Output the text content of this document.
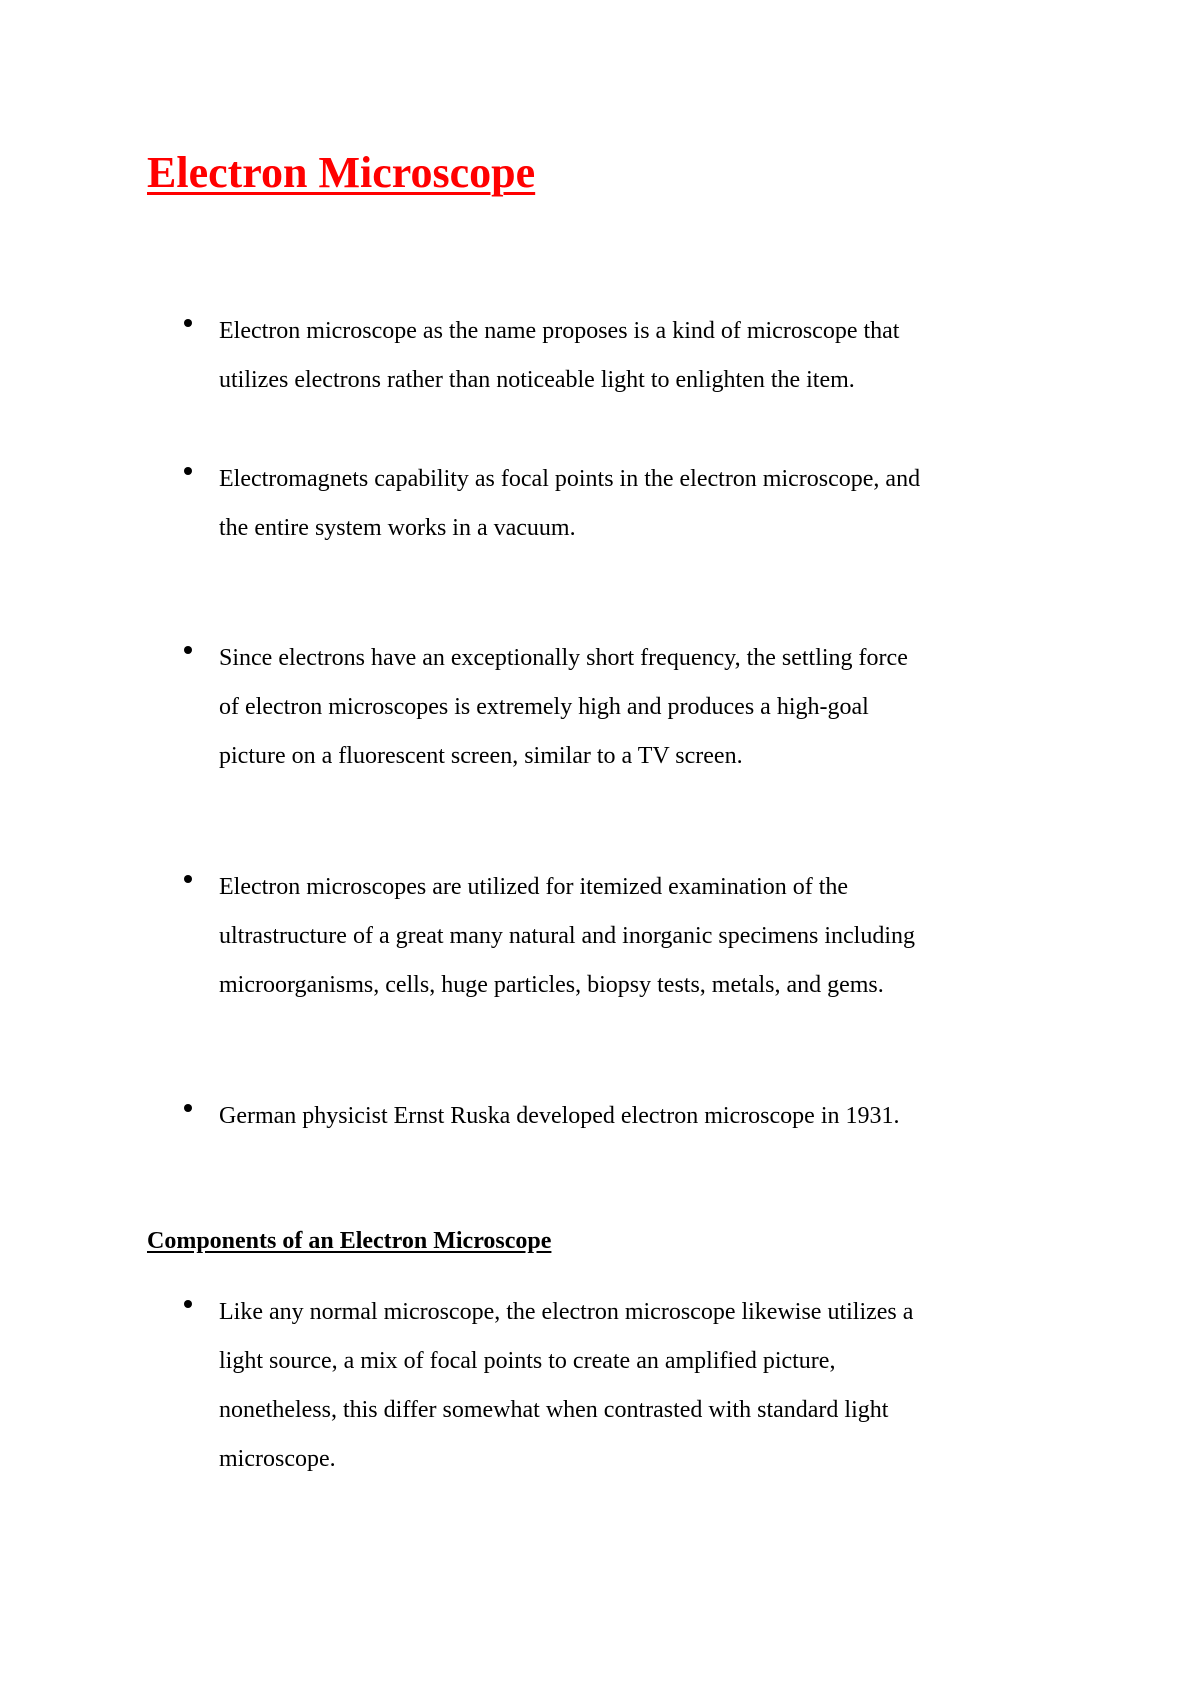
Electron Microscope

Electron microscope as the name proposes is a kind of microscope that
utilizes electrons rather than noticeable light to enlighten the item.

Electromagnets capability as focal points in the electron microscope, and
the entire system works in a vacuum.

Since electrons have an exceptionally short frequency, the settling force
of electron microscopes is extremely high and produces a high-goal
picture on a fluorescent screen, similar to a TV screen.

Electron microscopes are utilized for itemized examination of the
ultrastructure of a great many natural and inorganic specimens including
microorganisms, cells, huge particles, biopsy tests, metals, and gems.

German physicist Ernst Ruska developed electron microscope in 1931.

Components of an Electron Microscope

Like any normal microscope, the electron microscope likewise utilizes a
light source, a mix of focal points to create an amplified picture,
nonetheless, this differ somewhat when contrasted with standard light
microscope.
